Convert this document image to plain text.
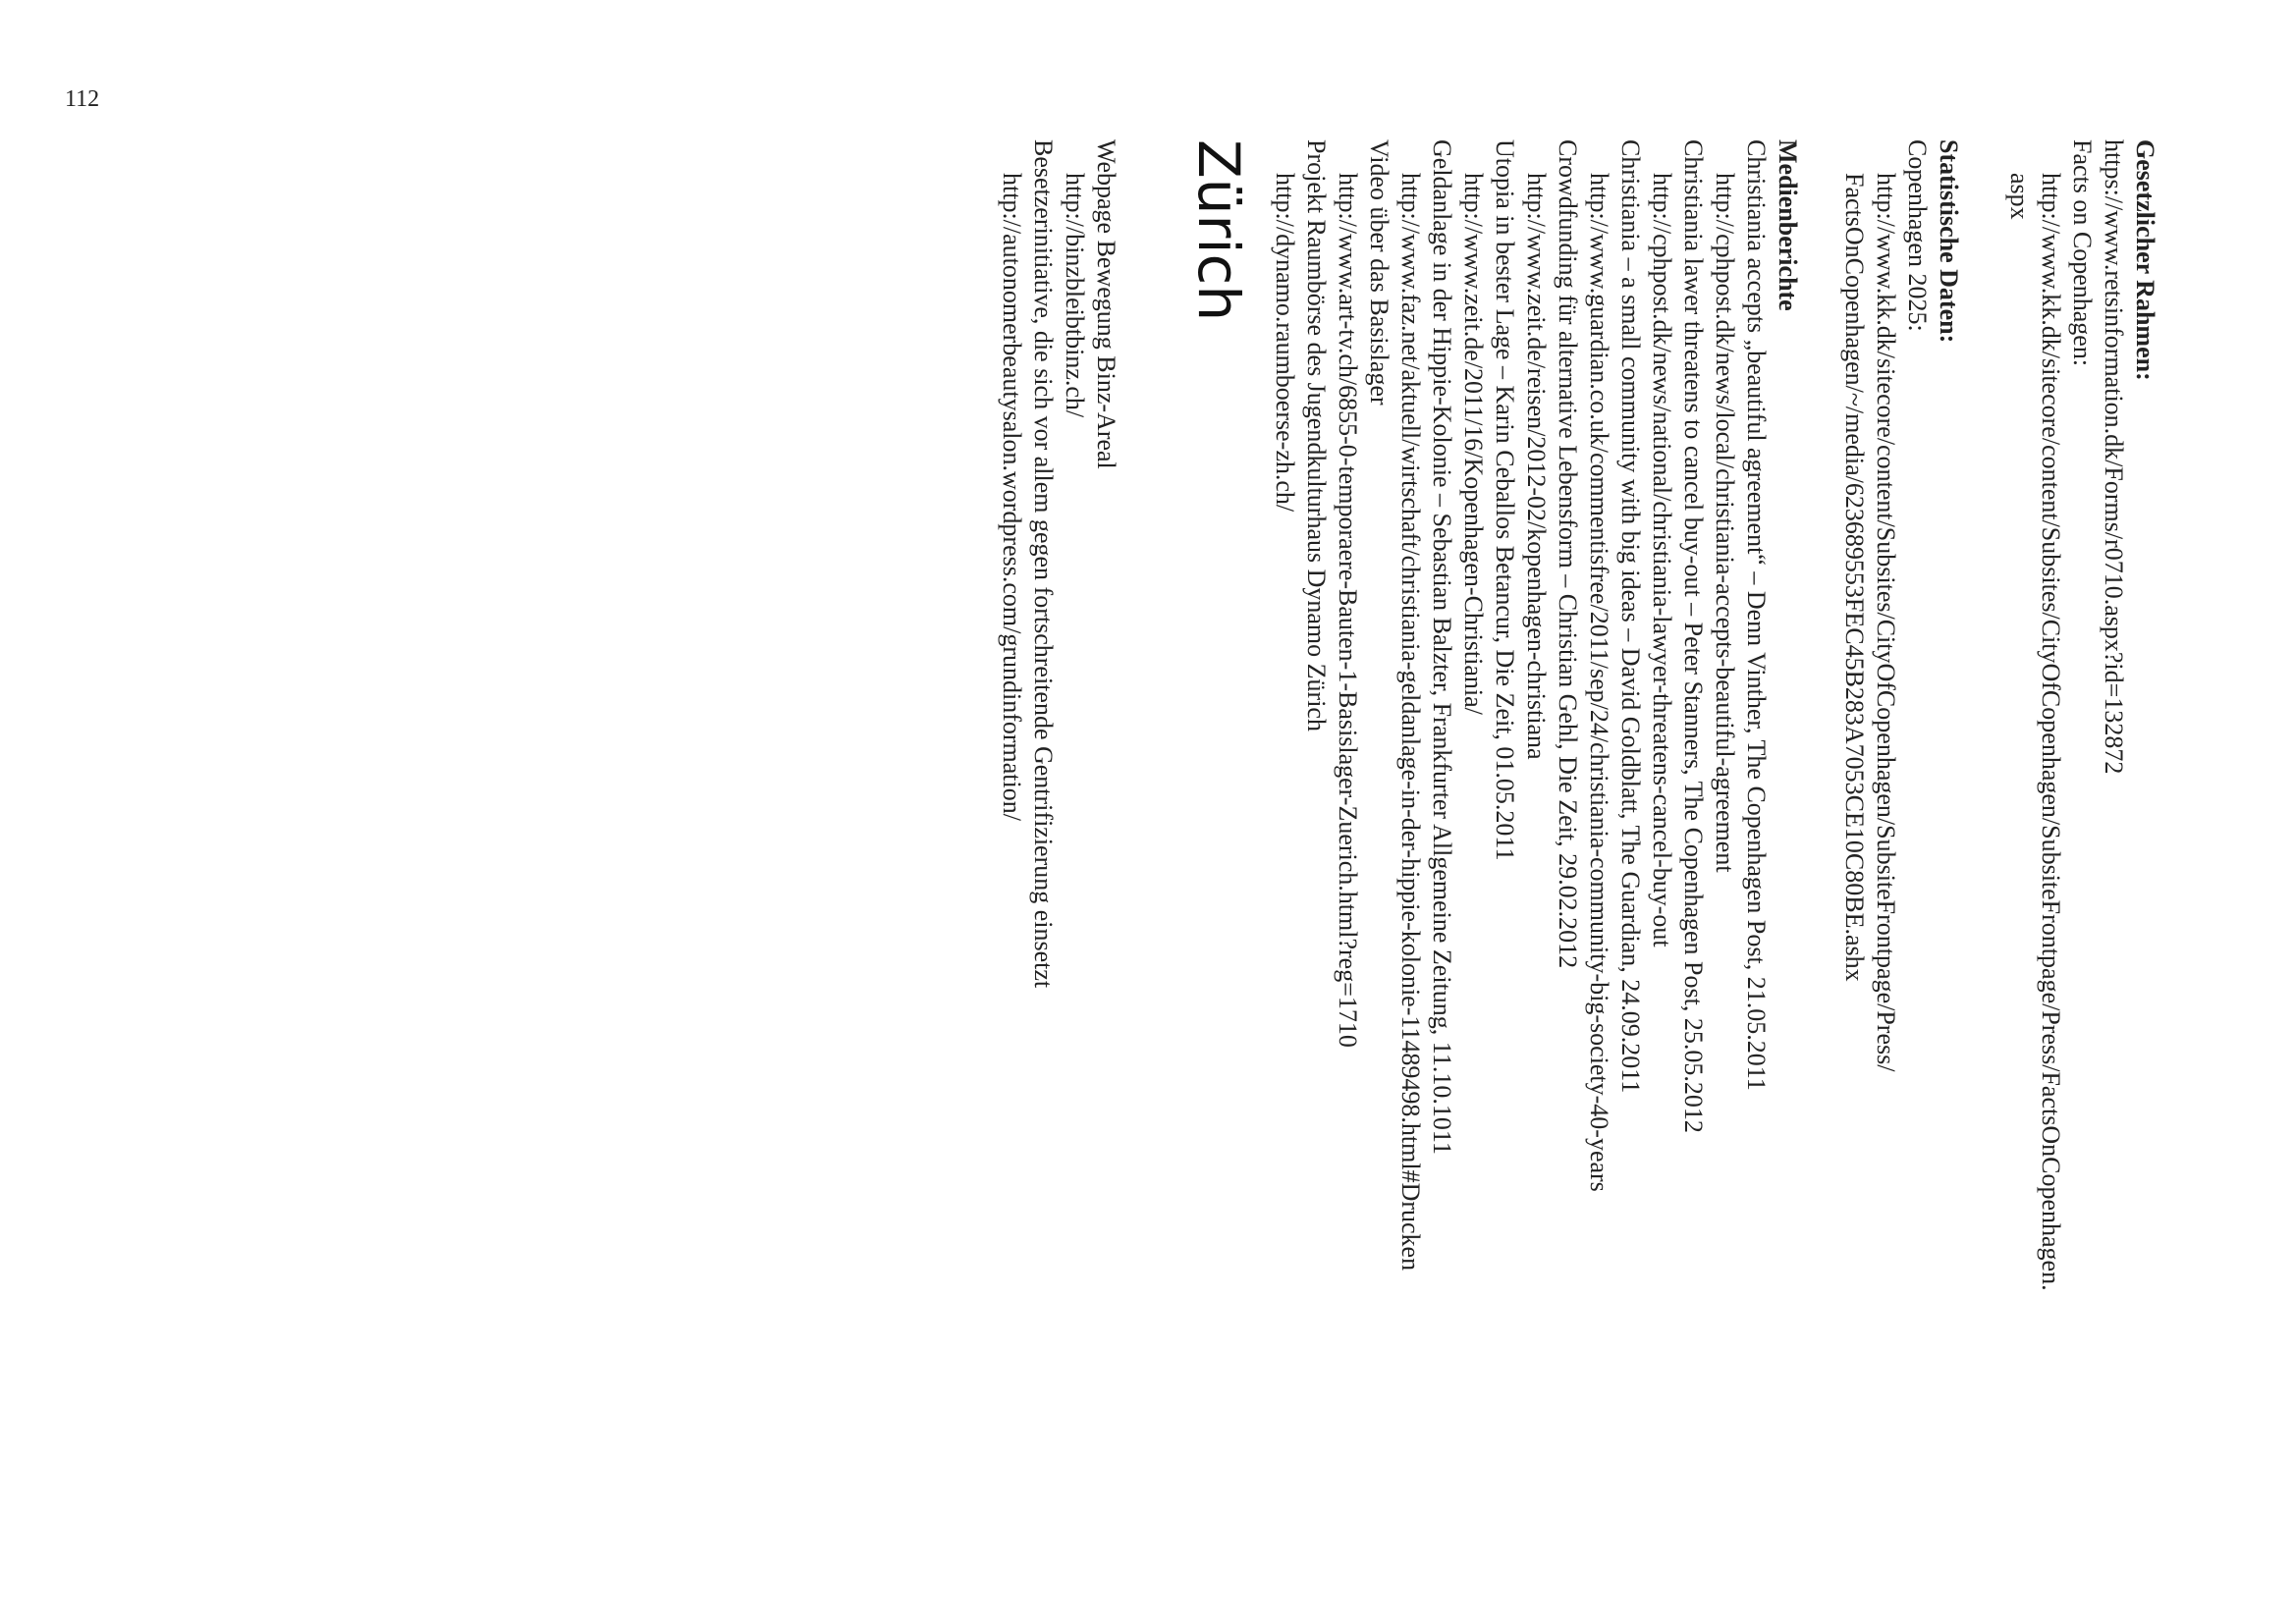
112

Gesetzlicher Rahmen:

https://www.retsinformation.dk/Forms/r0710.aspx?id=132872

Facts on Copenhagen:

http://www.kk.dk/sitecore/content/Subsites/CityOfCopenhagen/SubsiteFrontpage/Press/FactsOnCopenhagen.

aspx

Statistische Daten:

Copenhagen 2025:

http://www.kk.dk/sitecore/content/Subsites/CityOfCopenhagen/SubsiteFrontpage/Press/

FactsOnCopenhagen/~/media/623689553FEC45B283A7053CE10C80BE.ashx

Medienberichte

Christiania accepts „beautiful agreement“ – Denn Vinther, The Copenhagen Post, 21.05.2011

http://cphpost.dk/news/local/christiania-accepts-beautiful-agreement

Christiania lawer threatens to cancel buy-out – Peter Stanners, The Copenhagen Post, 25.05.2012

http://cphpost.dk/news/national/christiania-lawyer-threatens-cancel-buy-out

Christiania – a small community with big ideas – David Goldblatt, The Guardian, 24.09.2011

http://www.guardian.co.uk/commentisfree/2011/sep/24/christiania-community-big-society-40-years

Crowdfunding für alternative Lebensform – Christian Gehl, Die Zeit, 29.02.2012

http://www.zeit.de/reisen/2012-02/kopenhagen-christiana

Utopia in bester Lage – Karin Ceballos Betancur, Die Zeit, 01.05.2011

http://www.zeit.de/2011/16/Kopenhagen-Christiania/

Geldanlage in der Hippie-Kolonie – Sebastian Balzter, Frankfurter Allgemeine Zeitung, 11.10.1011

http://www.faz.net/aktuell/wirtschaft/christiania-geldanlage-in-der-hippie-kolonie-11489498.html#Drucken

Video über das Basislager

http://www.art-tv.ch/6855-0-temporaere-Bauten-1-Basislager-Zuerich.html?reg=1710

Projekt Raumbörse des Jugendkulturhaus Dynamo Zürich

http://dynamo.raumboerse-zh.ch/

Zürich

Webpage Bewegung Binz-Areal

http://binzbleibtbinz.ch/

Besetzerinitiative, die sich vor allem gegen fortschreitende Gentrifizierung einsetzt

http://autonomerbeautysalon.wordpress.com/grundinformation/
